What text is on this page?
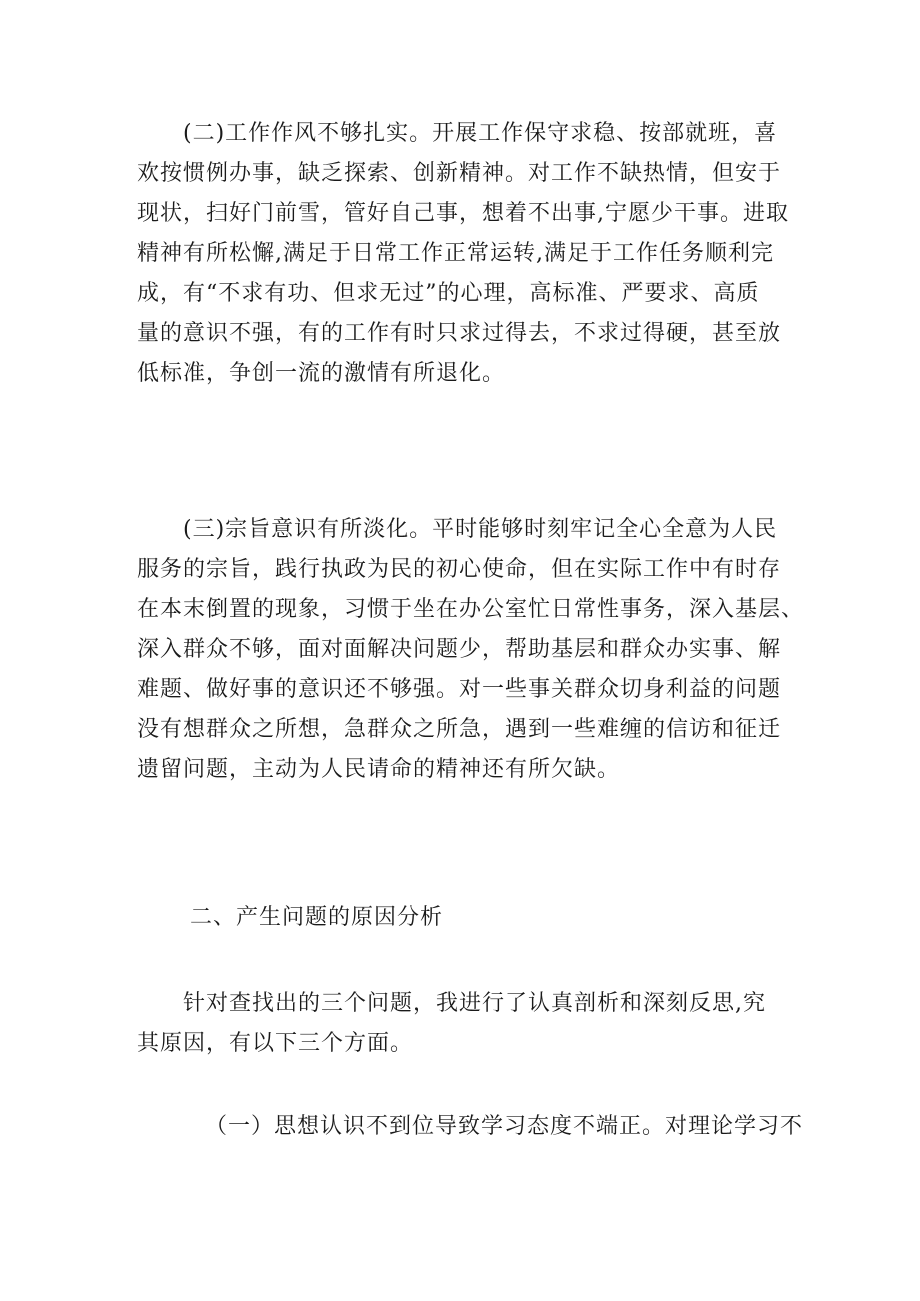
　　(二)工作作风不够扎实。开展工作保守求稳、按部就班，喜
欢按惯例办事，缺乏探索、创新精神。对工作不缺热情，但安于
现状，扫好门前雪，管好自己事，想着不出事,宁愿少干事。进取
精神有所松懈,满足于日常工作正常运转,满足于工作任务顺利完
成，有“不求有功、但求无过”的心理，高标准、严要求、高质
量的意识不强，有的工作有时只求过得去，不求过得硬，甚至放
低标准，争创一流的激情有所退化。
　　(三)宗旨意识有所淡化。平时能够时刻牢记全心全意为人民
服务的宗旨，践行执政为民的初心使命，但在实际工作中有时存
在本末倒置的现象，习惯于坐在办公室忙日常性事务，深入基层、
深入群众不够，面对面解决问题少，帮助基层和群众办实事、解
难题、做好事的意识还不够强。对一些事关群众切身利益的问题
没有想群众之所想，急群众之所急，遇到一些难缠的信访和征迁
遗留问题，主动为人民请命的精神还有所欠缺。
二、产生问题的原因分析
　　针对查找出的三个问题，我进行了认真剖析和深刻反思,究
其原因，有以下三个方面。
（一）思想认识不到位导致学习态度不端正。对理论学习不
